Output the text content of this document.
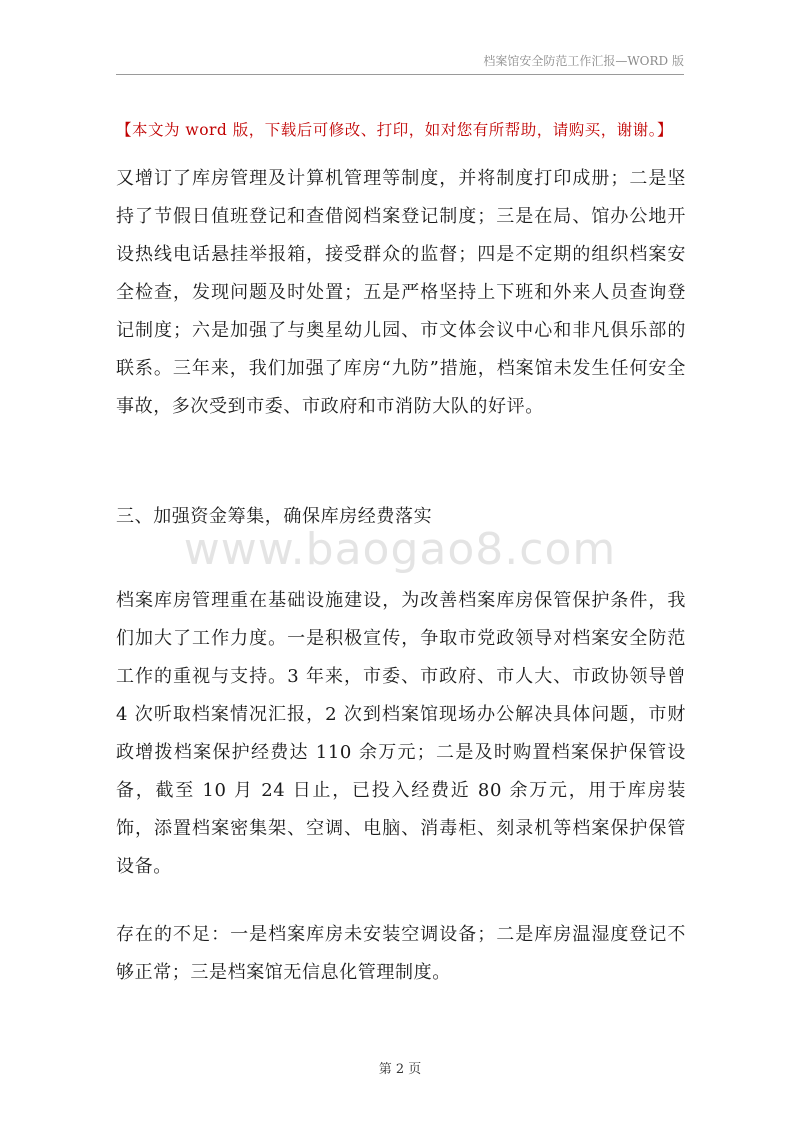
档案馆安全防范工作汇报—WORD 版
【本文为 word 版，下载后可修改、打印，如对您有所帮助，请购买，谢谢。】

又增订了库房管理及计算机管理等制度，并将制度打印成册；二是坚持了节假日值班登记和查借阅档案登记制度；三是在局、馆办公地开设热线电话悬挂举报箱，接受群众的监督；四是不定期的组织档案安全检查，发现问题及时处置；五是严格坚持上下班和外来人员查询登记制度；六是加强了与奥星幼儿园、市文体会议中心和非凡俱乐部的联系。三年来，我们加强了库房“九防”措施，档案馆未发生任何安全事故，多次受到市委、市政府和市消防大队的好评。

三、加强资金筹集，确保库房经费落实

www.baogao8.com

档案库房管理重在基础设施建设，为改善档案库房保管保护条件，我们加大了工作力度。一是积极宣传，争取市党政领导对档案安全防范工作的重视与支持。3 年来，市委、市政府、市人大、市政协领导曾 4 次听取档案情况汇报，2 次到档案馆现场办公解决具体问题，市财政增拨档案保护经费达 110 余万元；二是及时购置档案保护保管设备，截至 10 月 24 日止，已投入经费近 80 余万元，用于库房装饰，添置档案密集架、空调、电脑、消毒柜、刻录机等档案保护保管设备。

存在的不足：一是档案库房未安装空调设备；二是库房温湿度登记不够正常；三是档案馆无信息化管理制度。

第 2 页
